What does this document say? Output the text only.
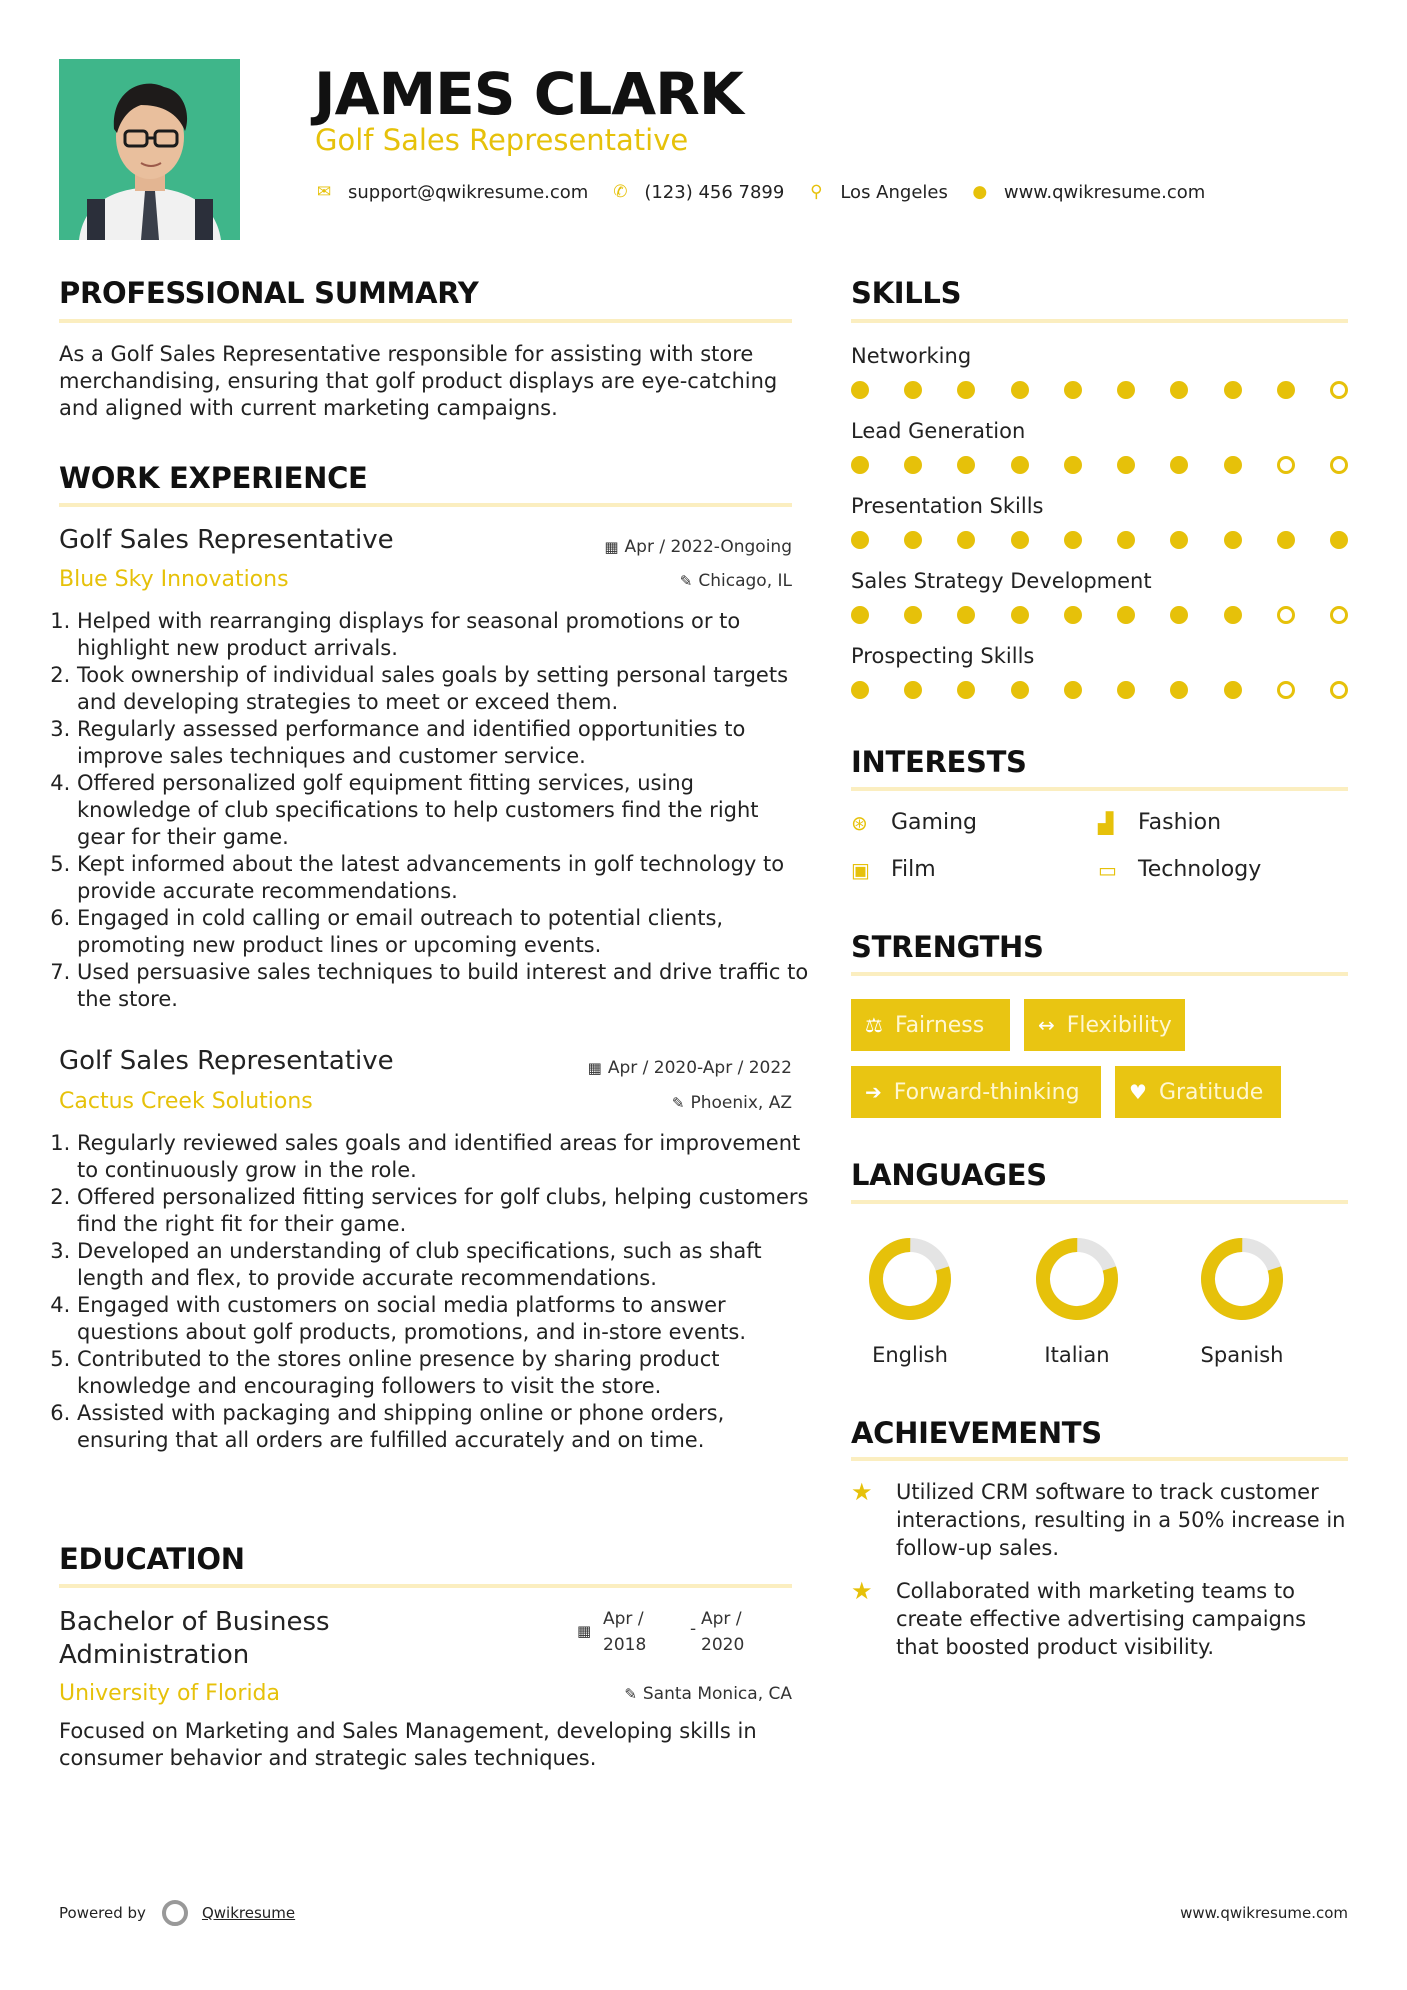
JAMES CLARK
Golf Sales Representative
✉ support@qwikresume.com ✆ (123) 456 7899 ⚲ Los Angeles ● www.qwikresume.com
PROFESSIONAL SUMMARY

As a Golf Sales Representative responsible for assisting with store merchandising, ensuring that golf product displays are eye-catching and aligned with current marketing campaigns.

WORK EXPERIENCE
Golf Sales Representative	▦ Apr / 2022-Ongoing
Blue Sky Innovations	✎ Chicago, IL
1. Helped with rearranging displays for seasonal promotions or to highlight new product arrivals.
2. Took ownership of individual sales goals by setting personal targets and developing strategies to meet or exceed them.
3. Regularly assessed performance and identified opportunities to improve sales techniques and customer service.
4. Offered personalized golf equipment fitting services, using knowledge of club specifications to help customers find the right gear for their game.
5. Kept informed about the latest advancements in golf technology to provide accurate recommendations.
6. Engaged in cold calling or email outreach to potential clients, promoting new product lines or upcoming events.
7. Used persuasive sales techniques to build interest and drive traffic to the store.
Golf Sales Representative	▦ Apr / 2020-Apr / 2022
Cactus Creek Solutions	✎ Phoenix, AZ
1. Regularly reviewed sales goals and identified areas for improvement to continuously grow in the role.
2. Offered personalized fitting services for golf clubs, helping customers find the right fit for their game.
3. Developed an understanding of club specifications, such as shaft length and flex, to provide accurate recommendations.
4. Engaged with customers on social media platforms to answer questions about golf products, promotions, and in-store events.
5. Contributed to the stores online presence by sharing product knowledge and encouraging followers to visit the store.
6. Assisted with packaging and shipping online or phone orders, ensuring that all orders are fulfilled accurately and on time.
EDUCATION
Bachelor of Business Administration
▦
Apr / 2018
- Apr / 2020
University of Florida	✎ Santa Monica, CA

Focused on Marketing and Sales Management, developing skills in consumer behavior and strategic sales techniques.

SKILLS
Networking
Lead Generation
Presentation Skills
Sales Strategy Development
Prospecting Skills
INTERESTS
⊛	Gaming	▟	Fashion
▣ Film	▭ Technology
STRENGTHS
⚖ Fairness	↔ Flexibility
➔ Forward-thinking ♥ Gratitude
LANGUAGES
English	Italian	Spanish
ACHIEVEMENTS
★ Utilized CRM software to track customer interactions, resulting in a 50% increase in follow-up sales.
★ Collaborated with marketing teams to create effective advertising campaigns that boosted product visibility.
Powered by	Qwikresume	www.qwikresume.com
